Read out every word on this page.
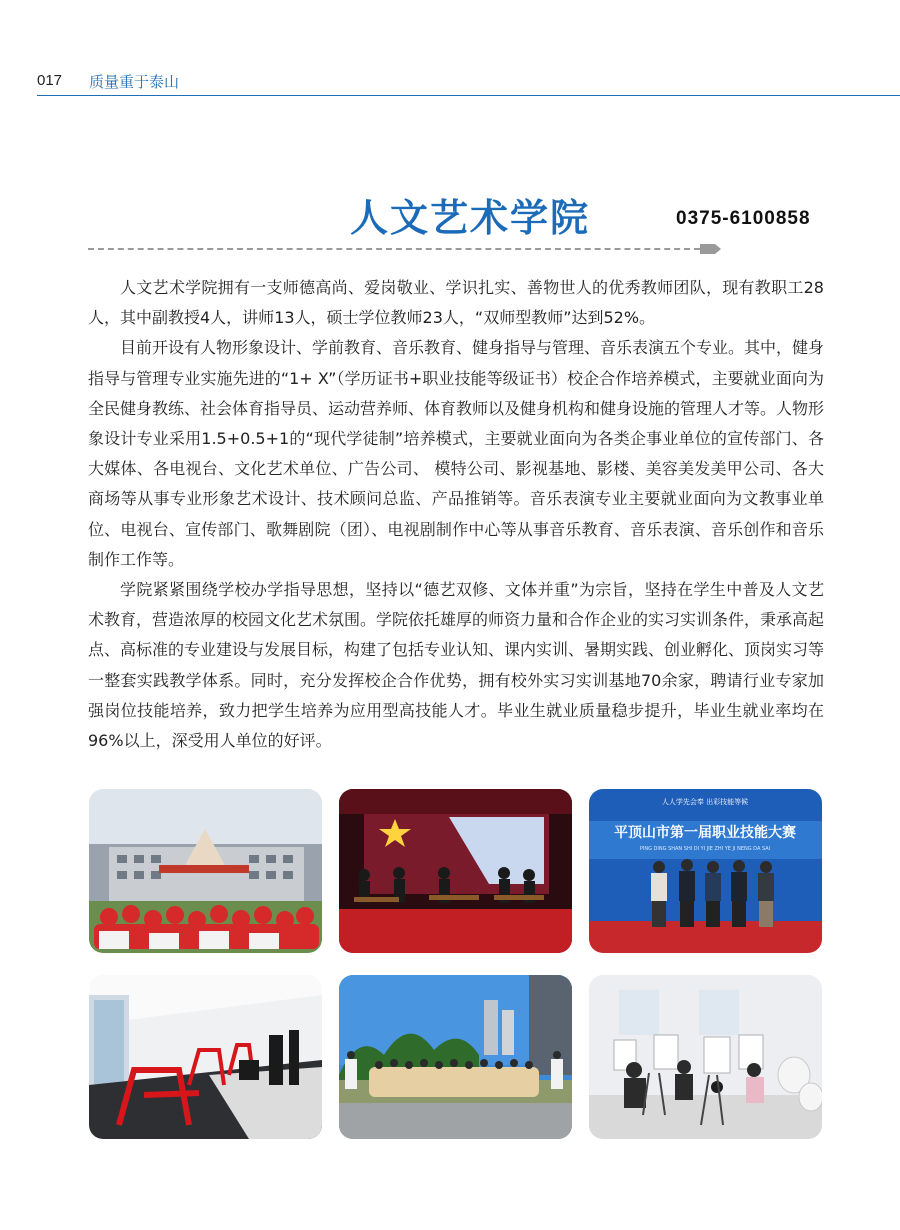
017 质量重于泰山
人文艺术学院	0375-6100858

人文艺术学院拥有一支师德高尚、爱岗敬业、学识扎实、善物世人的优秀教师团队，现有教职工28人，其中副教授4人，讲师13人，硕士学位教师23人，“双师型教师”达到52%。

目前开设有人物形象设计、学前教育、音乐教育、健身指导与管理、音乐表演五个专业。其中，健身指导与管理专业实施先进的“1+ X”（学历证书+职业技能等级证书）校企合作培养模式，主要就业面向为全民健身教练、社会体育指导员、运动营养师、体育教师以及健身机构和健身设施的管理人才等。人物形象设计专业采用1.5+0.5+1的“现代学徒制”培养模式，主要就业面向为各类企事业单位的宣传部门、各大媒体、各电视台、文化艺术单位、广告公司、 模特公司、影视基地、影楼、美容美发美甲公司、各大商场等从事专业形象艺术设计、技术顾问总监、产品推销等。音乐表演专业主要就业面向为文教事业单位、电视台、宣传部门、歌舞剧院（团）、电视剧制作中心等从事音乐教育、音乐表演、音乐创作和音乐制作工作等。

学院紧紧围绕学校办学指导思想，坚持以“德艺双修、文体并重”为宗旨，坚持在学生中普及人文艺术教育，营造浓厚的校园文化艺术氛围。学院依托雄厚的师资力量和合作企业的实习实训条件，秉承高起点、高标准的专业建设与发展目标，构建了包括专业认知、课内实训、暑期实践、创业孵化、顶岗实习等一整套实践教学体系。同时，充分发挥校企合作优势，拥有校外实习实训基地70余家，聘请行业专家加强岗位技能培养，致力把学生培养为应用型高技能人才。毕业生就业质量稳步提升，毕业生就业率均在96%以上，深受用人单位的好评。

人人学先会奉 出彩技能等候
平顶山市第一届职业技能大赛
PING DING SHAN SHI DI YI JIE ZHI YE JI NENG DA SAI
